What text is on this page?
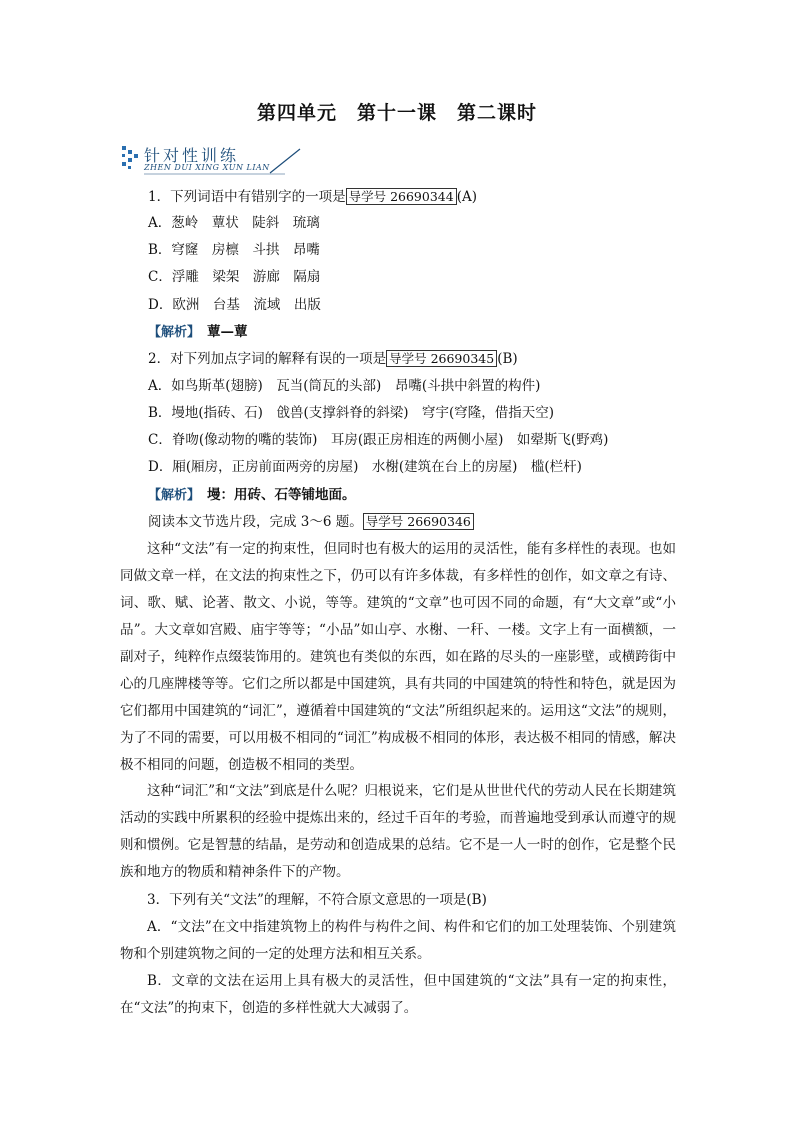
第四单元　第十一课　第二课时
针对性训练
ZHEN DUI XING XUN LIAN
1．下列词语中有错别字的一项是 导学号 26690344 (A)
A．葱岭　蕈状　陡斜　琉璃
B．穹窿　房檩　斗拱　昂嘴
C．浮雕　梁架　游廊　隔扇
D．欧洲　台基　流域　出版
【解析】　 蕈—蕈
2．对下列加点字词的解释有误的一项是 导学号 26690345 (B)
A．如鸟斯革(翅膀)　瓦当(筒瓦的头部)　昂嘴(斗拱中斜置的构件)
B．墁地(指砖、石)　戗兽(支撑斜脊的斜梁)　穹宇(穹隆，借指天空)
C．脊吻(像动物的嘴的装饰)　耳房(跟正房相连的两侧小屋)　如翚斯飞(野鸡)
D．厢(厢房，正房前面两旁的房屋)　水榭(建筑在台上的房屋)　槛(栏杆)
【解析】　 墁：用砖、石等铺地面。
阅读本文节选片段，完成 3～6 题。 导学号 26690346
这种“文法”有一定的拘束性，但同时也有极大的运用的灵活性，能有多样性的表现。也如同做文章一样，在文法的拘束性之下，仍可以有许多体裁，有多样性的创作，如文章之有诗、词、歌、赋、论著、散文、小说，等等。建筑的“文章”也可因不同的命题，有“大文章”或“小品”。大文章如宫殿、庙宇等等；“小品”如山亭、水榭、一秆、一楼。文字上有一面横额，一副对子，纯粹作点缀装饰用的。建筑也有类似的东西，如在路的尽头的一座影壁，或横跨街中心的几座牌楼等等。它们之所以都是中国建筑，具有共同的中国建筑的特性和特色，就是因为它们都用中国建筑的“词汇”，遵循着中国建筑的“文法”所组织起来的。运用这“文法”的规则，为了不同的需要，可以用极不相同的“词汇”构成极不相同的体形，表达极不相同的情感，解决极不相同的问题，创造极不相同的类型。
这种“词汇”和“文法”到底是什么呢？归根说来，它们是从世世代代的劳动人民在长期建筑活动的实践中所累积的经验中提炼出来的，经过千百年的考验，而普遍地受到承认而遵守的规则和惯例。它是智慧的结晶，是劳动和创造成果的总结。它不是一人一时的创作，它是整个民族和地方的物质和精神条件下的产物。
3．下列有关“文法”的理解，不符合原文意思的一项是(B)
A．“文法”在文中指建筑物上的构件与构件之间、构件和它们的加工处理装饰、个别建筑物和个别建筑物之间的一定的处理方法和相互关系。
B．文章的文法在运用上具有极大的灵活性，但中国建筑的“文法”具有一定的拘束性，在“文法”的拘束下，创造的多样性就大大减弱了。
